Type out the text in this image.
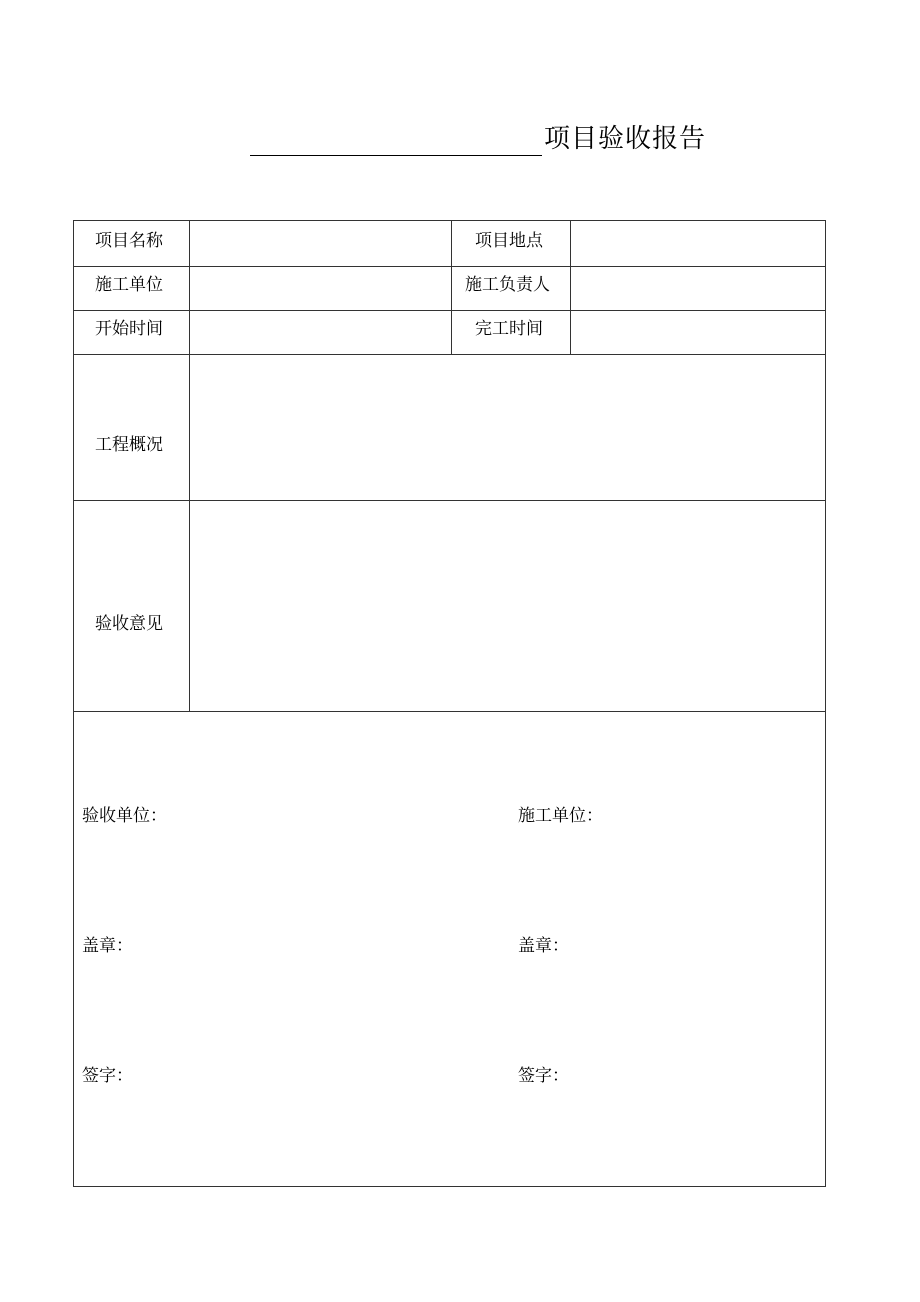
项目验收报告
项目名称	项目地点
施工单位	施工负责人
开始时间	完工时间
工程概况
验收意见
验收单位：	施工单位：
盖章：	盖章：
签字：	签字：
